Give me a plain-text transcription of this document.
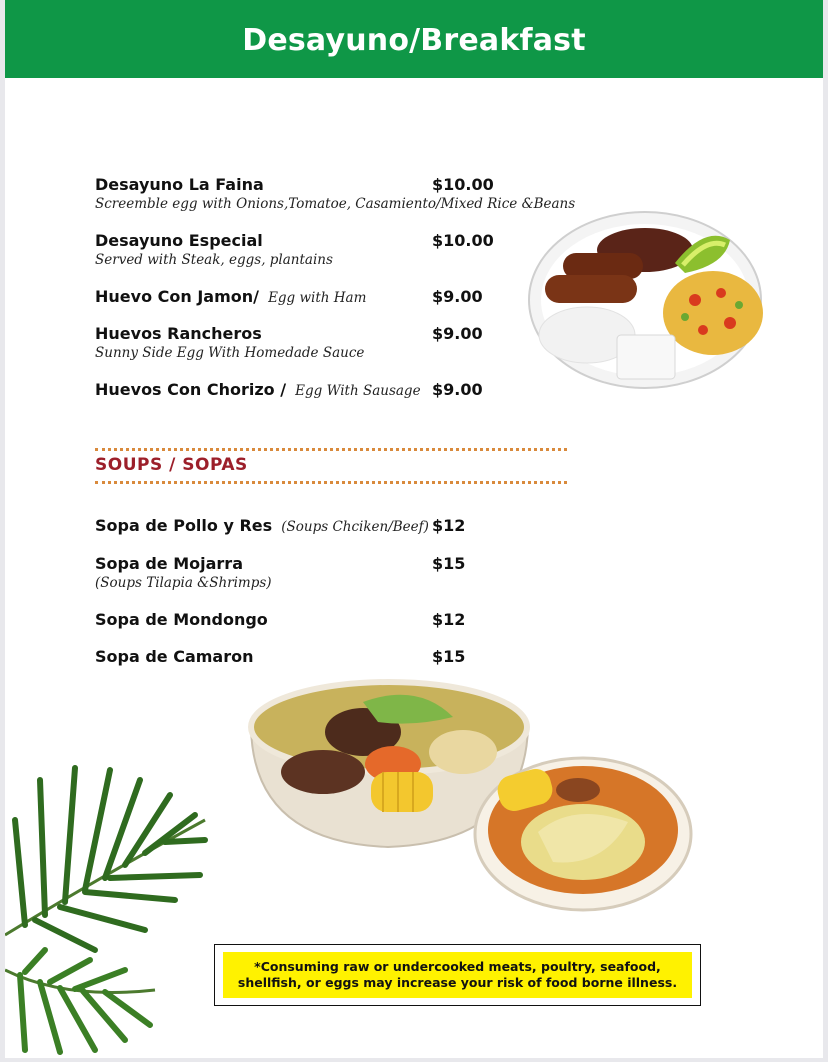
Desayuno/Breakfast
Desayuno La Faina	$10.00
Screemble egg with Onions,Tomatoe, Casamiento/Mixed Rice &Beans
Desayuno Especial	$10.00
Served with Steak, eggs, plantains
Huevo Con Jamon/ Egg with Ham	$9.00
Huevos Rancheros	$9.00
Sunny Side Egg With Homedade Sauce
Huevos Con Chorizo / Egg With Sausage $9.00
SOUPS / SOPAS
Sopa de Pollo y Res (Soups Chciken/Beef) $12
Sopa de Mojarra	$15
(Soups Tilapia &Shrimps)
Sopa de Mondongo	$12
Sopa de Camaron	$15
*Consuming raw or undercooked meats, poultry, seafood,
shellfish, or eggs may increase your risk of food borne illness.
